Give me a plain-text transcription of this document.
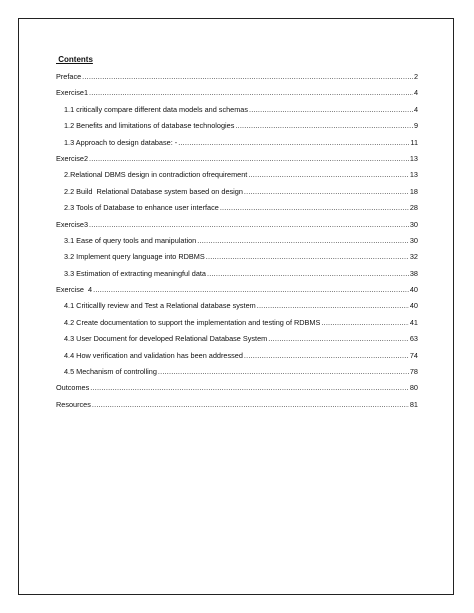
Contents
Preface .....	2
Exercise1 .....	4
1.1 critically compare different data models and schemas .....	4
1.2 Benefits and limitations of database technologies .....	9
1.3 Approach to design database: - .....	11
Exercise2 .....	13
2.Relational DBMS design in contradiction ofrequirement .....	13
2.2 Build  Relational Database system based on design .....	18
2.3 Tools of Database to enhance user interface .....	28
Exercise3 .....	30
3.1 Ease of query tools and manipulation .....	30
3.2 Implement query language into RDBMS .....	32
3.3 Estimation of extracting meaningful data .....	38
Exercise  4 .....	40
4.1 Criticallly review and Test a Relational database system .....	40
4.2 Create documentation to support the implementation and testing of RDBMS .....	41
4.3 User Document for developed Relational Database System .....	63
4.4 How verification and validation has been addressed .....	74
4.5 Mechanism of controlling .....	78
Outcomes .....	80
Resources .....	81
